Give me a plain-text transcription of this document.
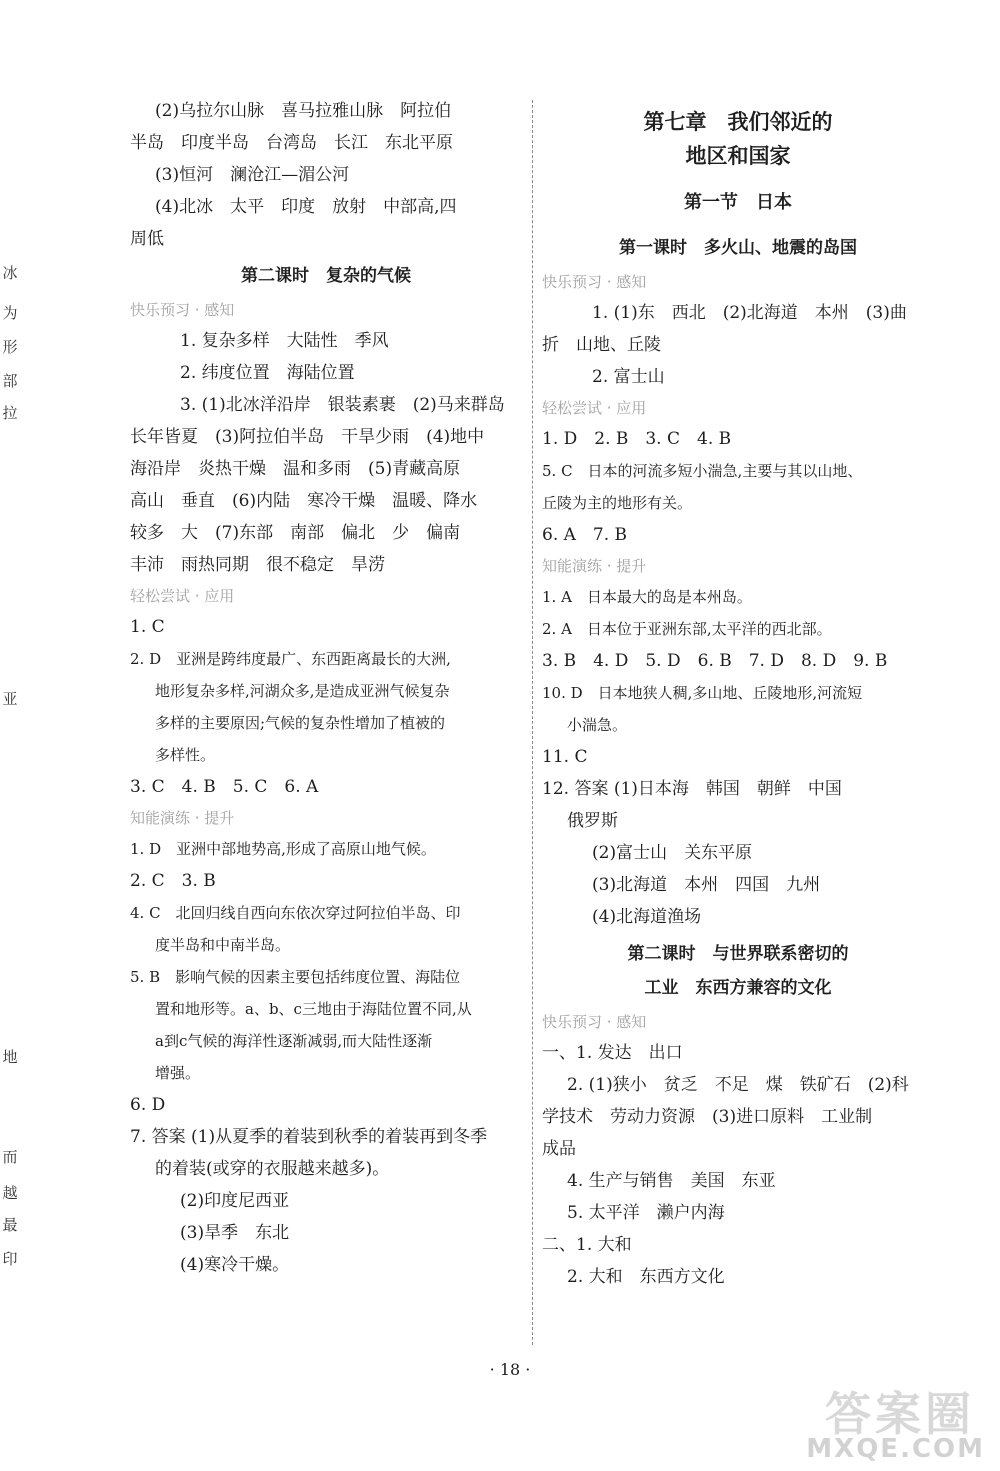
冰
为
形
部
拉
亚
地
而
越
最
印
(2)乌拉尔山脉　喜马拉雅山脉　阿拉伯
半岛　印度半岛　台湾岛　长江　东北平原
(3)恒河　澜沧江—湄公河
(4)北冰　太平　印度　放射　中部高,四
周低
第二课时　复杂的气候
快乐预习 · 感知
1. 复杂多样　大陆性　季风
2. 纬度位置　海陆位置
3. (1)北冰洋沿岸　银装素裹　(2)马来群岛
长年皆夏　(3)阿拉伯半岛　干旱少雨　(4)地中
海沿岸　炎热干燥　温和多雨　(5)青藏高原
高山　垂直　(6)内陆　寒冷干燥　温暖、降水
较多　大　(7)东部　南部　偏北　少　偏南
丰沛　雨热同期　很不稳定　旱涝
轻松尝试 · 应用
1. C
2. D　亚洲是跨纬度最广、东西距离最长的大洲,
地形复杂多样,河湖众多,是造成亚洲气候复杂
多样的主要原因;气候的复杂性增加了植被的
多样性。
3. C　4. B　5. C　6. A
知能演练 · 提升
1. D　亚洲中部地势高,形成了高原山地气候。
2. C　3. B
4. C　北回归线自西向东依次穿过阿拉伯半岛、印
度半岛和中南半岛。
5. B　影响气候的因素主要包括纬度位置、海陆位
置和地形等。a、b、c三地由于海陆位置不同,从
a到c气候的海洋性逐渐减弱,而大陆性逐渐
增强。
6. D
7. 答案 (1)从夏季的着装到秋季的着装再到冬季
的着装(或穿的衣服越来越多)。
(2)印度尼西亚
(3)旱季　东北
(4)寒冷干燥。
第七章　我们邻近的
地区和国家
第一节　日本
第一课时　多火山、地震的岛国
快乐预习 · 感知
1. (1)东　西北　(2)北海道　本州　(3)曲
折　山地、丘陵
2. 富士山
轻松尝试 · 应用
1. D　2. B　3. C　4. B
5. C　日本的河流多短小湍急,主要与其以山地、
丘陵为主的地形有关。
6. A　7. B
知能演练 · 提升
1. A　日本最大的岛是本州岛。
2. A　日本位于亚洲东部,太平洋的西北部。
3. B　4. D　5. D　6. B　7. D　8. D　9. B
10. D　日本地狭人稠,多山地、丘陵地形,河流短
小湍急。
11. C
12. 答案 (1)日本海　韩国　朝鲜　中国
俄罗斯
(2)富士山　关东平原
(3)北海道　本州　四国　九州
(4)北海道渔场
第二课时　与世界联系密切的
工业　东西方兼容的文化
快乐预习 · 感知
一、1. 发达　出口
2. (1)狭小　贫乏　不足　煤　铁矿石　(2)科
学技术　劳动力资源　(3)进口原料　工业制
成品
4. 生产与销售　美国　东亚
5. 太平洋　濑户内海
二、1. 大和
2. 大和　东西方文化
· 18 ·
答案圈
MXQE.COM
